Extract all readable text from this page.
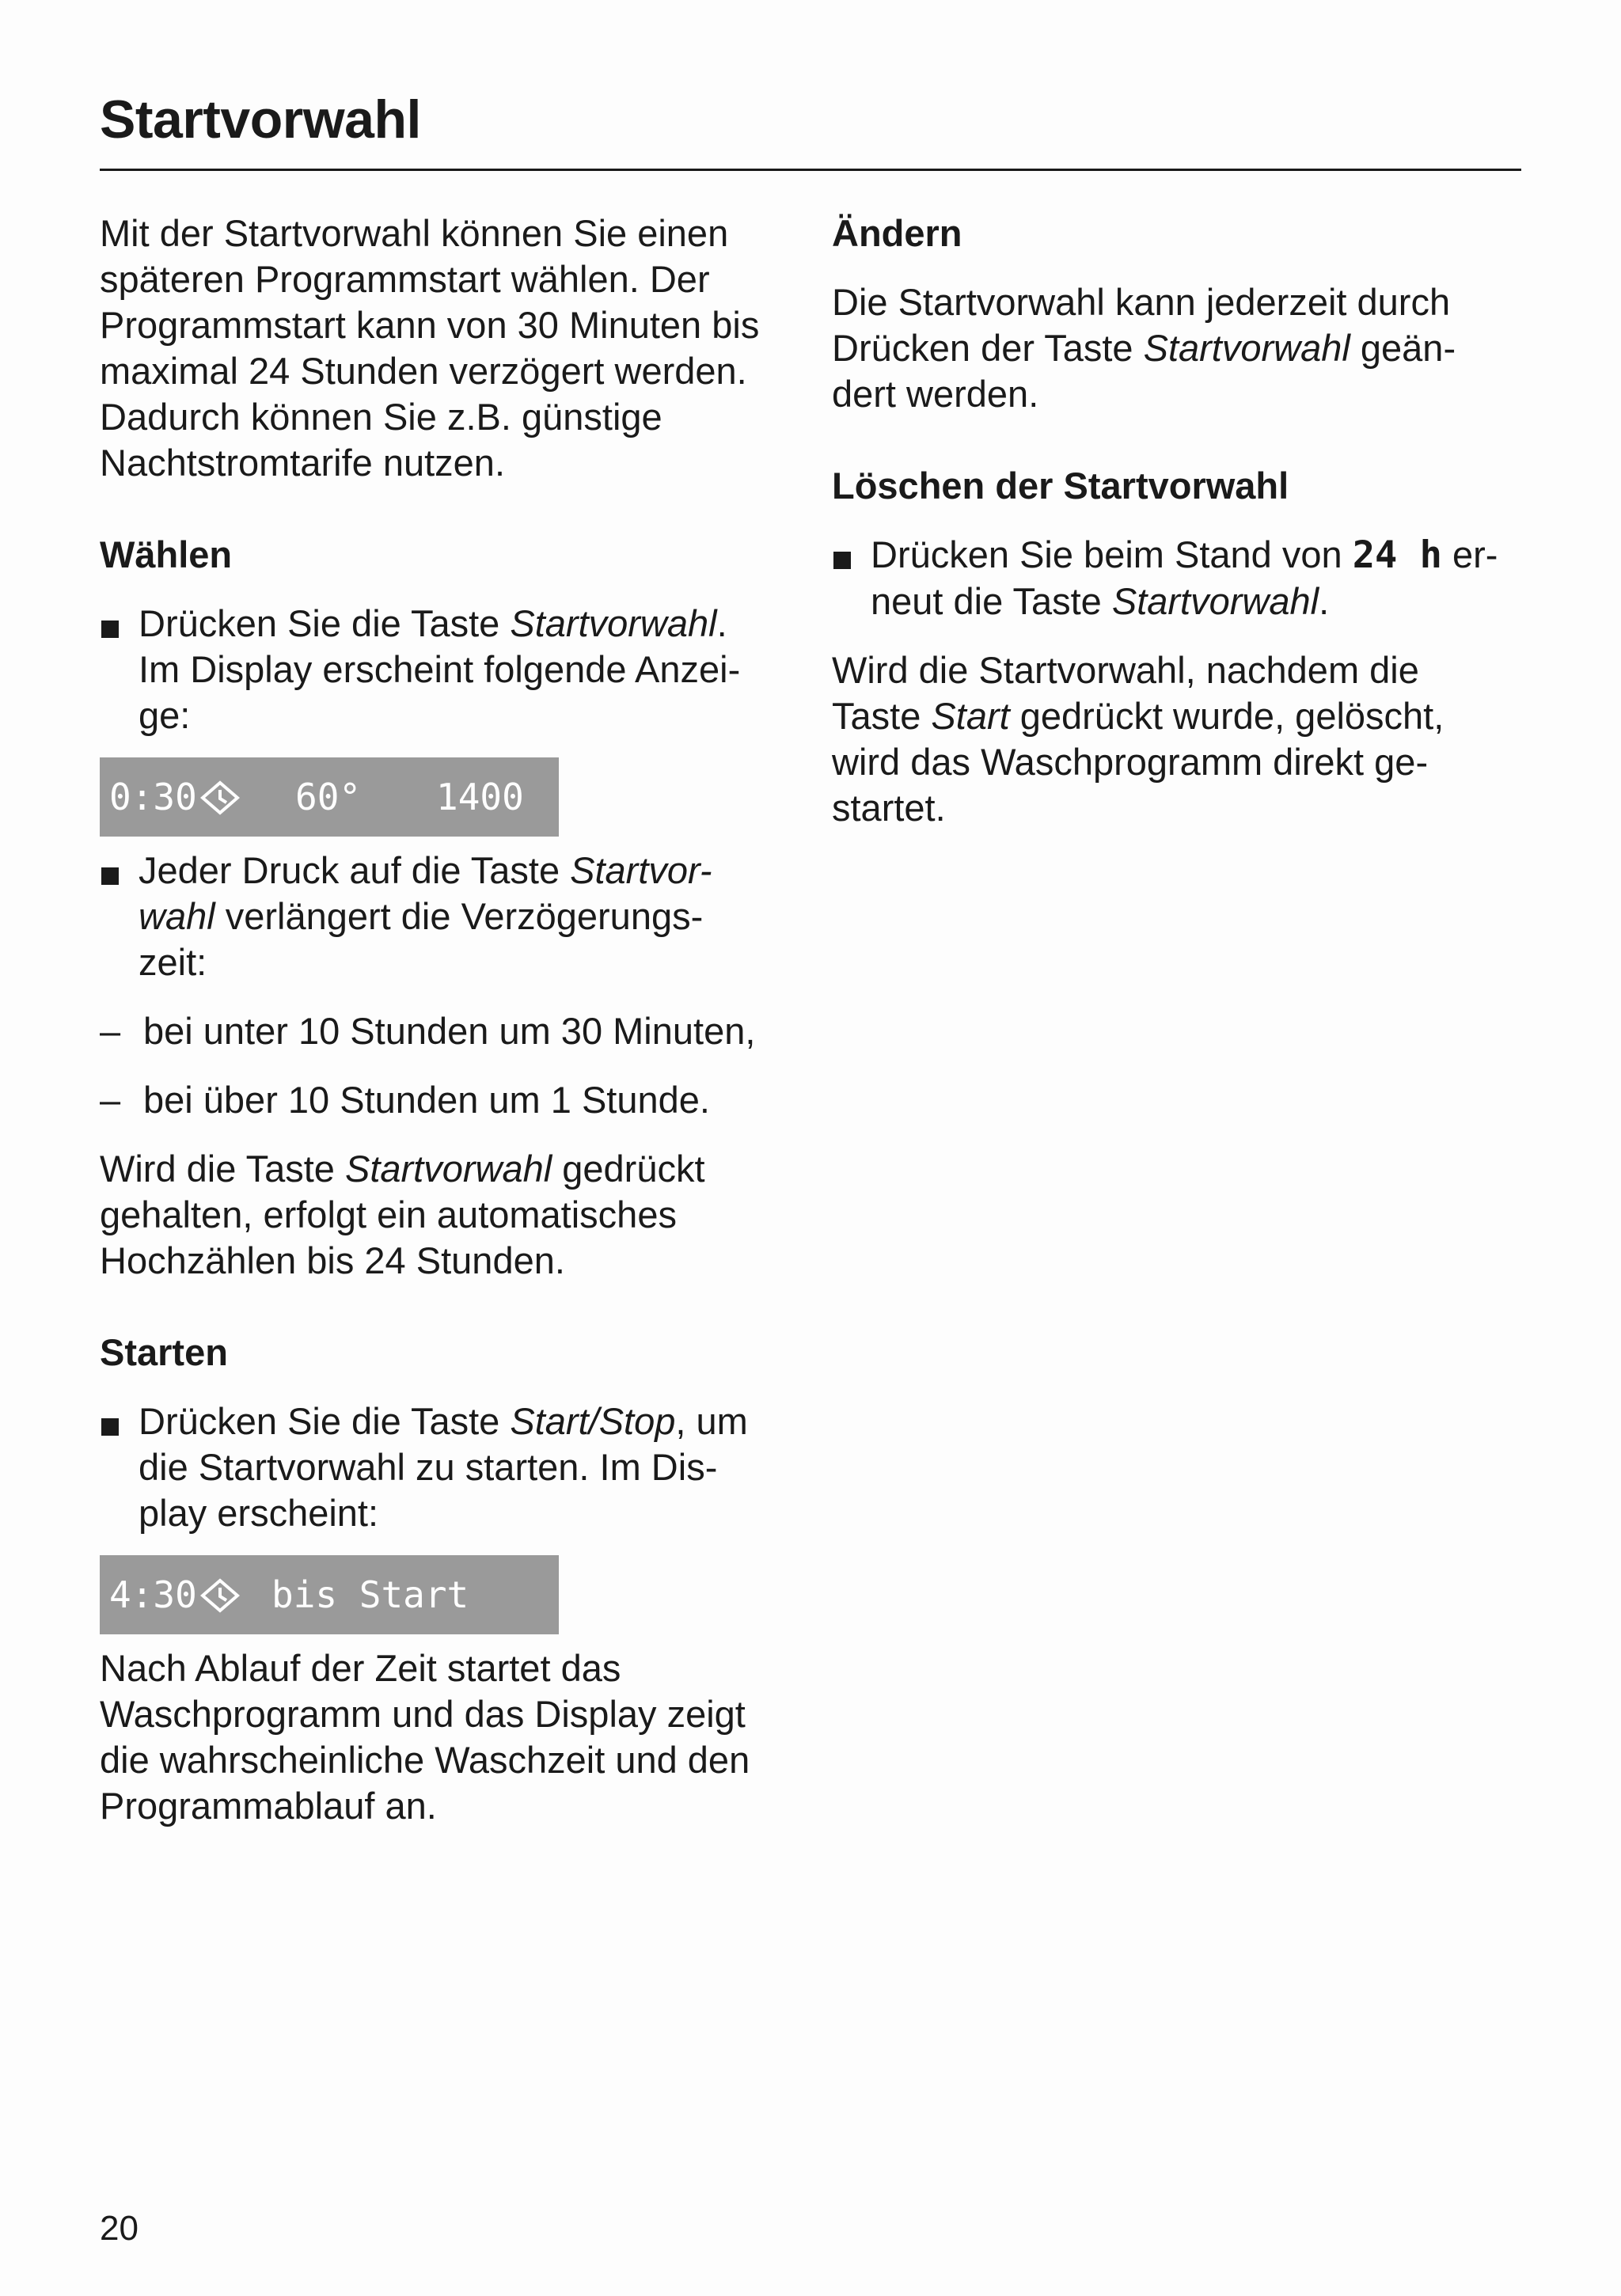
Startvorwahl

Mit der Startvorwahl können Sie einen
späteren Programmstart wählen. Der
Programmstart kann von 30 Minuten bis
maximal 24 Stunden verzögert werden.
Dadurch können Sie z.B. günstige
Nachtstromtarife nutzen.

Wählen

Drücken Sie die Taste Startvorwahl.
Im Display erscheint folgende Anzei-
ge:

0:30	60° 1400

Jeder Druck auf die Taste Startvor-
wahl verlängert die Verzögerungs-
zeit:

– bei unter 10 Stunden um 30 Minuten,

– bei über 10 Stunden um 1 Stunde.

Wird die Taste Startvorwahl gedrückt
gehalten, erfolgt ein automatisches
Hochzählen bis 24 Stunden.

Starten

Drücken Sie die Taste Start/Stop, um
die Startvorwahl zu starten. Im Dis-
play erscheint:

4:30 bis Start

Nach Ablauf der Zeit startet das
Waschprogramm und das Display zeigt
die wahrscheinliche Waschzeit und den
Programmablauf an.

Ändern

Die Startvorwahl kann jederzeit durch
Drücken der Taste Startvorwahl geän-
dert werden.

Löschen der Startvorwahl

Drücken Sie beim Stand von 24 h er-
neut die Taste Startvorwahl.

Wird die Startvorwahl, nachdem die
Taste Start gedrückt wurde, gelöscht,
wird das Waschprogramm direkt ge-
startet.

20
